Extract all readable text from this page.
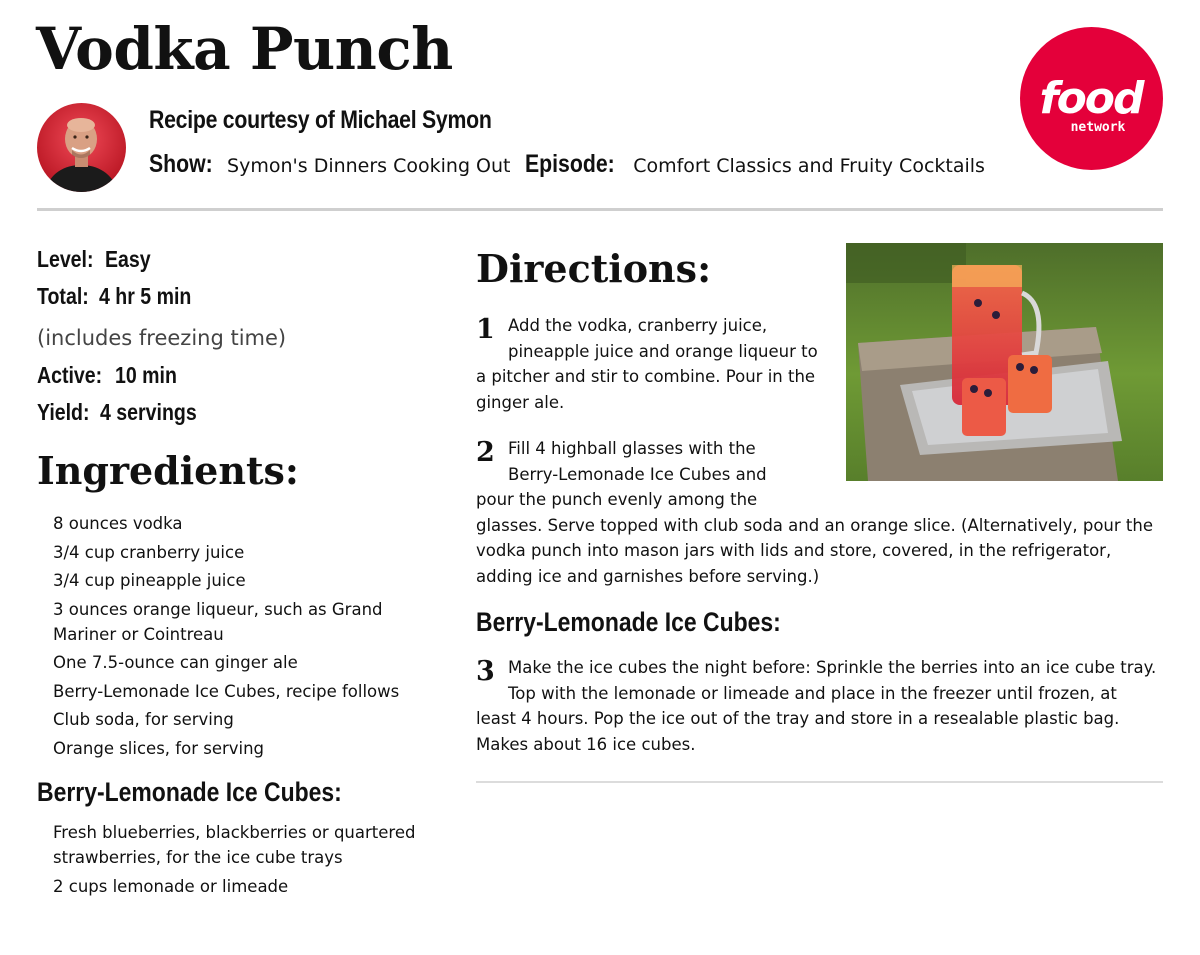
Vodka Punch
Recipe courtesy of Michael Symon
Show: Symon's Dinners Cooking Out Episode: Comfort Classics and Fruity Cocktails
food
network
Level: Easy
Total: 4 hr 5 min
(includes freezing time)
Active: 10 min
Yield: 4 servings
Ingredients:
8 ounces vodka
3/4 cup cranberry juice
3/4 cup pineapple juice
3 ounces orange liqueur, such as Grand Mariner or Cointreau
One 7.5-ounce can ginger ale
Berry-Lemonade Ice Cubes, recipe follows
Club soda, for serving
Orange slices, for serving
Berry-Lemonade Ice Cubes:
Fresh blueberries, blackberries or quartered strawberries, for the ice cube trays
2 cups lemonade or limeade
Directions:
1 Add the vodka, cranberry juice, pineapple juice and orange liqueur to a pitcher and stir to combine. Pour in the ginger ale.
2 Fill 4 highball glasses with the Berry-Lemonade Ice Cubes and pour the punch evenly among the glasses. Serve topped with club soda and an orange slice. (Alternatively, pour the vodka punch into mason jars with lids and store, covered, in the refrigerator, adding ice and garnishes before serving.)
Berry-Lemonade Ice Cubes:
3 Make the ice cubes the night before: Sprinkle the berries into an ice cube tray. Top with the lemonade or limeade and place in the freezer until frozen, at least 4 hours. Pop the ice out of the tray and store in a resealable plastic bag. Makes about 16 ice cubes.
